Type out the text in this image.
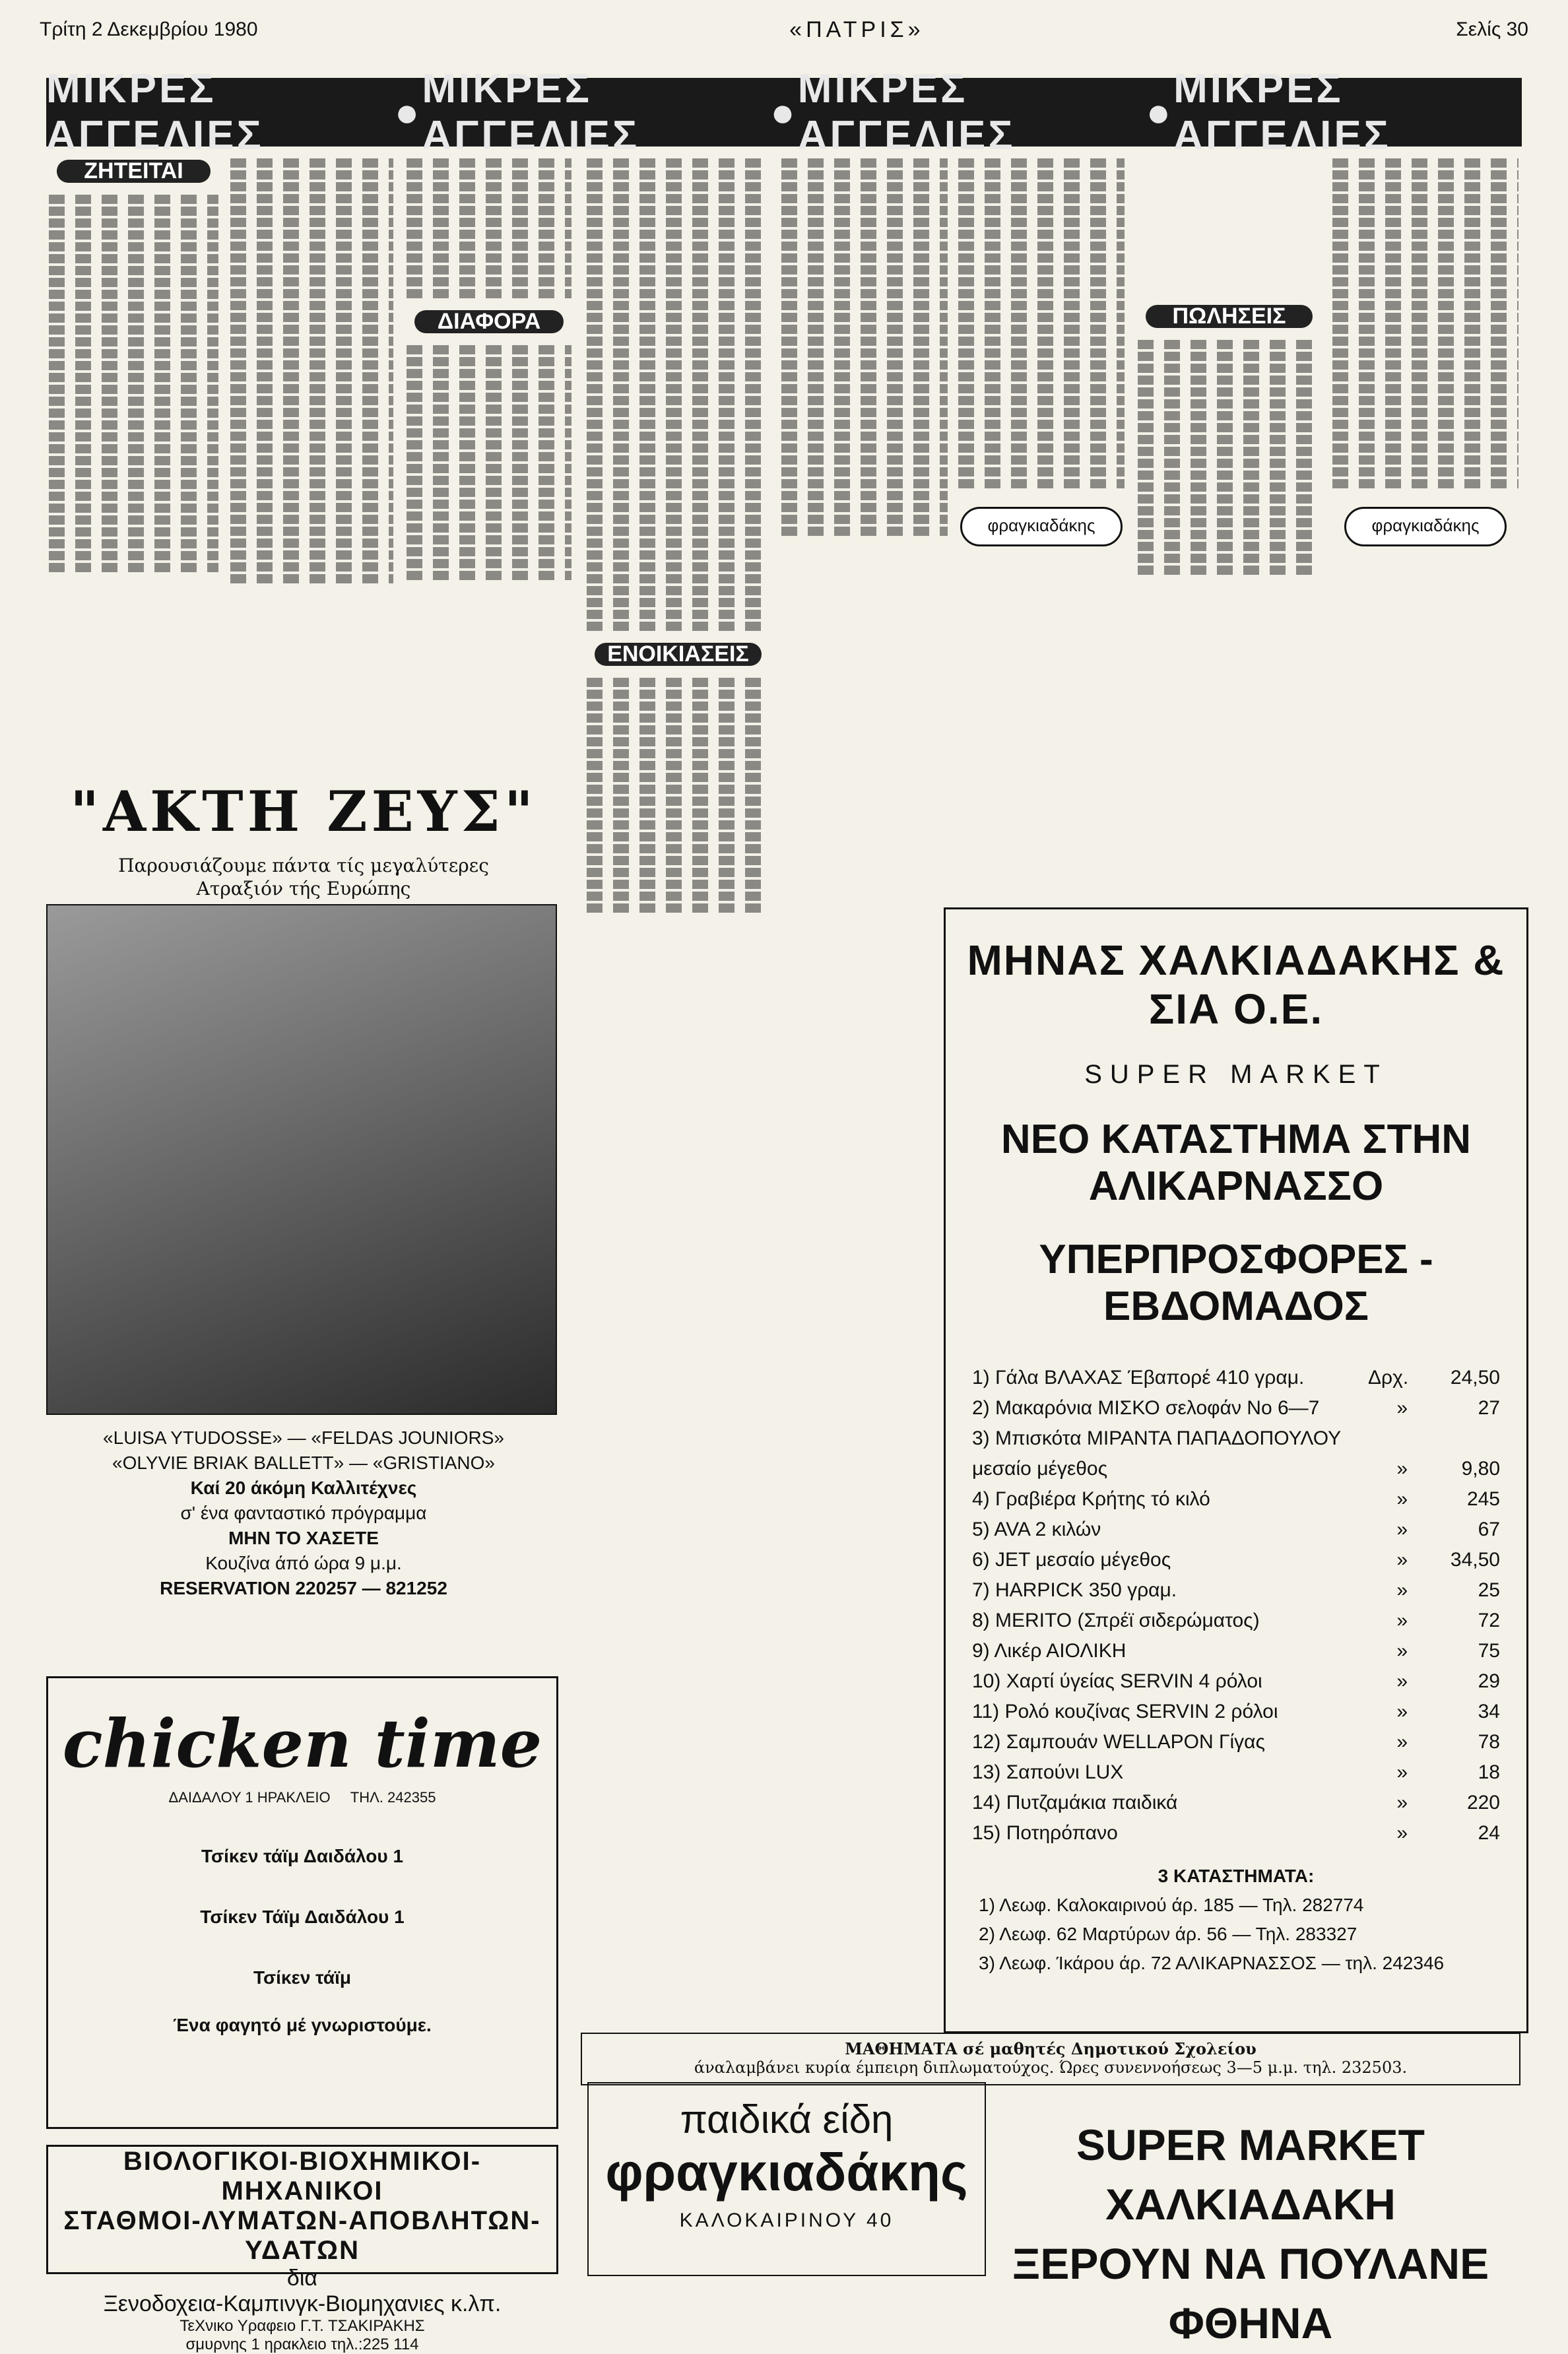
Τρίτη 2 Δεκεμβρίου 1980	«ΠΑΤΡΙΣ»	Σελίς 30
ΜΙΚΡΕΣ ΑΓΓΕΛΙΕΣ
●
ΜΙΚΡΕΣ ΑΓΓΕΛΙΕΣ
●
ΜΙΚΡΕΣ ΑΓΓΕΛΙΕΣ
●
ΜΙΚΡΕΣ ΑΓΓΕΛΙΕΣ
ΖΗΤΕΙΤΑΙ
ΔΙΑΦΟΡΑ
ΕΝΟΙΚΙΑΣΕΙΣ
φραγκιαδάκης
ΠΩΛΗΣΕΙΣ
φραγκιαδάκης
"ΑΚΤΗ ΖΕΥΣ"
Παρουσιάζουμε πάντα τίς μεγαλύτερες
Ατραξιόν τής Ευρώπης
«LUISA YTUDOSSE» — «FELDAS JOUNIORS»
«OLYVIE BRIAK BALLETT» — «GRISTIANO»
Καί 20 άκόμη Καλλιτέχνες
σ' ένα φανταστικό πρόγραμμα
ΜΗΝ ΤΟ ΧΑΣΕΤΕ
Κουζίνα άπό ώρα 9 μ.μ.
RESERVATION 220257 — 821252
chicken time
ΔΑΙΔΑΛΟΥ 1 ΗΡΑΚΛΕΙΟ ΤΗΛ. 242355
Τσίκεν τάϊμ Δαιδάλου 1
Τσίκεν Τάϊμ Δαιδάλου 1
Τσίκεν τάϊμ
Ένα φαγητό μέ γνωριστούμε.
ΒΙΟΛΟΓΙΚΟΙ-ΒΙΟΧΗΜΙΚΟΙ-ΜΗΧΑΝΙΚΟΙ
ΣΤΑΘΜΟΙ-ΛΥΜΑΤΩΝ-ΑΠΟΒΛΗΤΩΝ-ΥΔΑΤΩΝ
δια
Ξενοδοχεια-Καμπινγκ-Βιομηχανιες κ.λπ.
ΤεΧνικο Υραφειο Γ.Τ. ΤΣΑΚΙΡΑΚΗΣ
σμυρνης 1 ηρακλειο τηλ.:225 114
ΜΗΝΑΣ ΧΑΛΚΙΑΔΑΚΗΣ & ΣΙΑ Ο.Ε.
SUPER MARKET
ΝΕΟ ΚΑΤΑΣΤΗΜΑ ΣΤΗΝ ΑΛΙΚΑΡΝΑΣΣΟ
ΥΠΕΡΠΡΟΣΦΟΡΕΣ - ΕΒΔΟΜΑΔΟΣ
1) Γάλα ΒΛΑΧΑΣ Έβαπορέ 410 γραμ.	Δρχ.	24,50
2) Μακαρόνια ΜΙΣΚΟ σελοφάν Νο 6—7	»	27
3) Μπισκότα ΜΙΡΑΝΤΑ ΠΑΠΑΔΟΠΟΥΛΟΥ
μεσαίο μέγεθος	»	9,80
4) Γραβιέρα Κρήτης τό κιλό	»	245
5) AVA 2 κιλών	»	67
6) JET μεσαίο μέγεθος	»	34,50
7) HARPICK 350 γραμ.	»	25
8) MERITO (Σπρέϊ σιδερώματος)	»	72
9) Λικέρ ΑΙΟΛΙΚΗ	»	75
10) Χαρτί ύγείας SERVIN 4 ρόλοι	»	29
11) Ρολό κουζίνας SERVIN 2 ρόλοι	»	34
12) Σαμπουάν WELLAPON Γίγας	»	78
13) Σαπούνι LUX	»	18
14) Πυτζαμάκια παιδικά	»	220
15) Ποτηρόπανο	»	24
3 ΚΑΤΑΣΤΗΜΑΤΑ:
1) Λεωφ. Καλοκαιρινού άρ. 185 — Τηλ. 282774
2) Λεωφ. 62 Μαρτύρων άρ. 56 — Τηλ. 283327
3) Λεωφ. Ίκάρου άρ. 72 ΑΛΙΚΑΡΝΑΣΣΟΣ — τηλ. 242346
ΜΑΘΗΜΑΤΑ σέ μαθητές Δημοτικού Σχολείου
άναλαμβάνει κυρία έμπειρη διπλωματούχος. Ώρες συνεννοήσεως 3—5 μ.μ. τηλ. 232503.
παιδικά είδη
φραγκιαδάκης
ΚΑΛΟΚΑΙΡΙΝΟΥ 40
SUPER MARKET ΧΑΛΚΙΑΔΑΚΗ
ΞΕΡΟΥΝ ΝΑ ΠΟΥΛΑΝΕ ΦΘΗΝΑ
